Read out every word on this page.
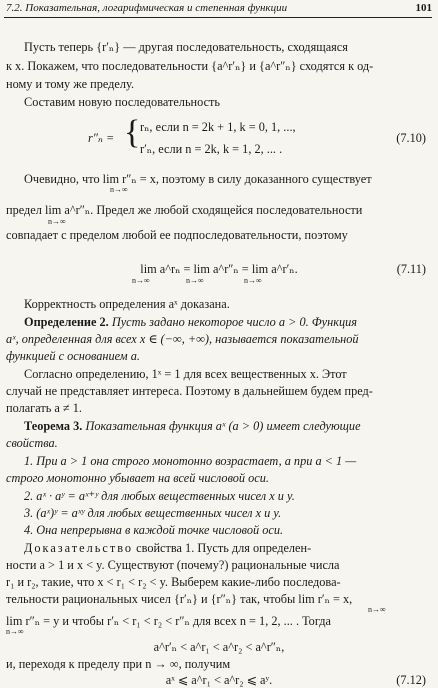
7.2. Показательная, логарифмическая и степенная функции	101
Пусть теперь {r′ₙ} — другая последовательность, сходящаяся
к x. Покажем, что последовательности {a^r′ₙ} и {a^r″ₙ} сходятся к од-
ному и тому же пределу.
Составим новую последовательность
r″ₙ = { rₙ, если n = 2k + 1, k = 0, 1, ...,
r′ₙ, если n = 2k, k = 1, 2, ... .
(7.10)
Очевидно, что lim r″ₙ = x, поэтому в силу доказанного существует
n→∞
предел lim a^r″ₙ. Предел же любой сходящейся последовательности
n→∞
совпадает с пределом любой ее подпоследовательности, поэтому
lim a^rₙ = lim a^r″ₙ = lim a^r′ₙ.
n→∞	n→∞	n→∞
(7.11)
Корректность определения aˣ доказана.
Определение 2. Пусть задано некоторое число a > 0. Функция
aˣ, определенная для всех x ∈ (−∞, +∞), называется показательной
функцией с основанием a.
Согласно определению, 1ˣ = 1 для всех вещественных x. Этот
случай не представляет интереса. Поэтому в дальнейшем будем пред-
полагать a ≠ 1.
Теорема 3. Показательная функция aˣ (a > 0) имеет следующие
свойства.
1. При a > 1 она строго монотонно возрастает, а при a < 1 —
строго монотонно убывает на всей числовой оси.
2. aˣ · aʸ = aˣ⁺ʸ для любых вещественных чисел x и y.
3. (aˣ)ʸ = aˣʸ для любых вещественных чисел x и y.
4. Она непрерывна в каждой точке числовой оси.
Доказательство свойства 1. Пусть для определен-
ности a > 1 и x < y. Существуют (почему?) рациональные числа
r₁ и r₂, такие, что x < r₁ < r₂ < y. Выберем какие-либо последова-
тельности рациональных чисел {r′ₙ} и {r″ₙ} так, чтобы lim r′ₙ = x,
n→∞
lim r″ₙ = y и чтобы r′ₙ < r₁ < r₂ < r″ₙ для всех n = 1, 2, ... . Тогда
n→∞
a^r′ₙ < a^r₁ < a^r₂ < a^r″ₙ,
и, переходя к пределу при n → ∞, получим
aˣ ⩽ a^r₁ < a^r₂ ⩽ aʸ.	(7.12)
